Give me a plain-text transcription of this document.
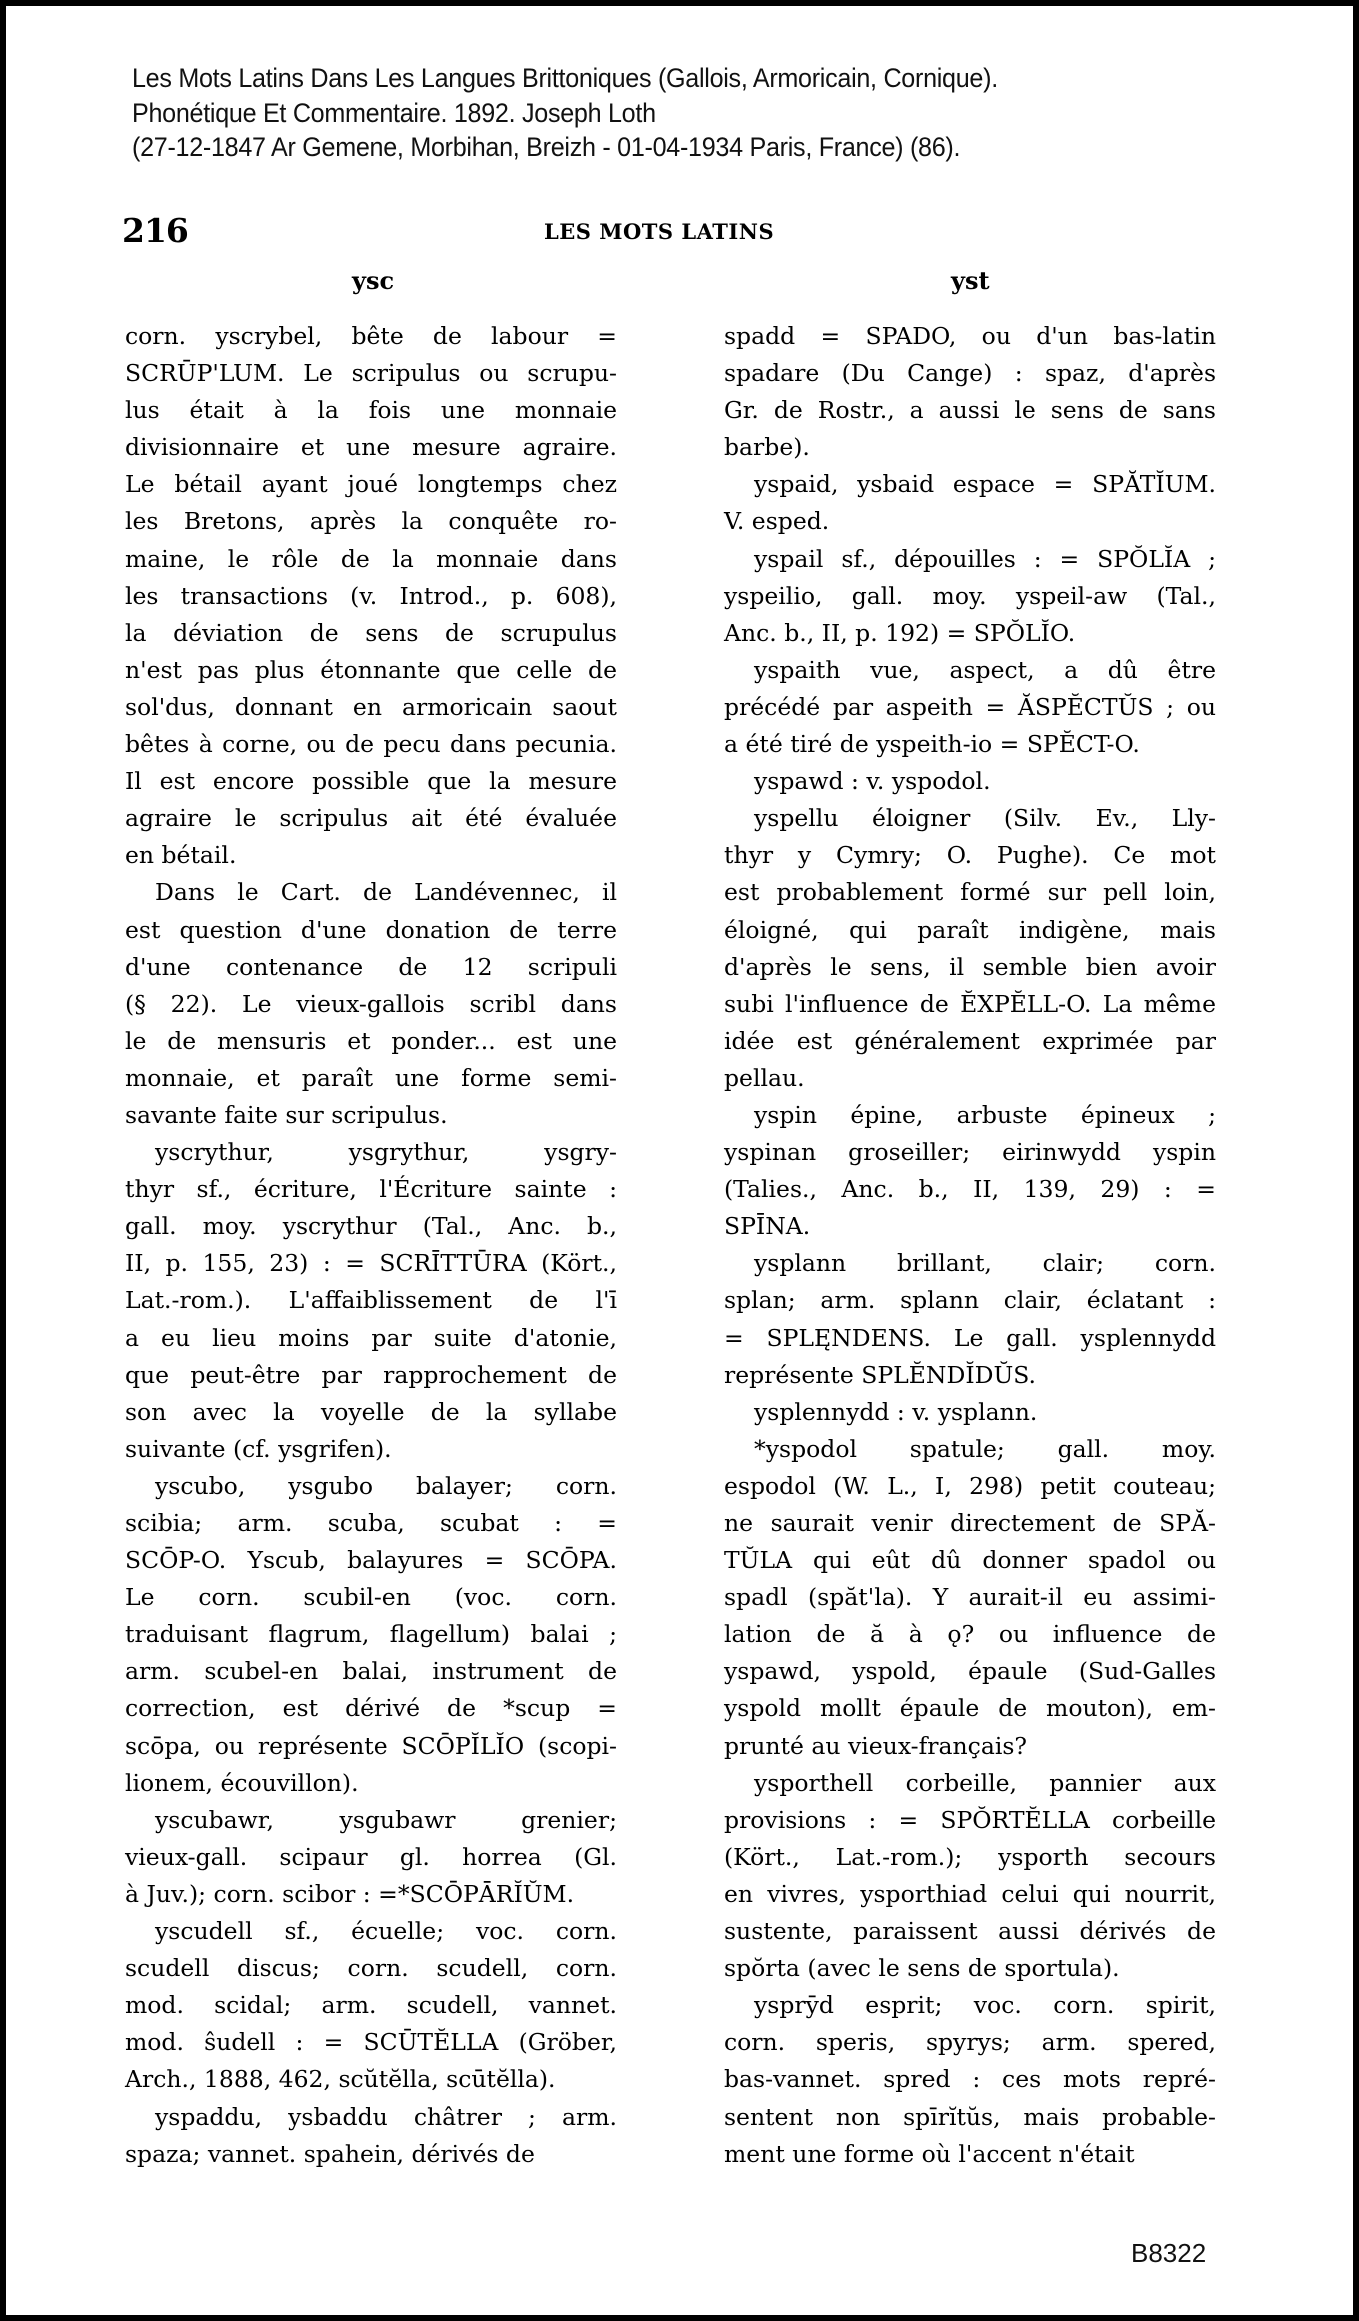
Les Mots Latins Dans Les Langues Brittoniques (Gallois, Armoricain, Cornique).
Phonétique Et Commentaire. 1892. Joseph Loth
(27-12-1847 Ar Gemene, Morbihan, Breizh - 01-04-1934 Paris, France) (86).
216	LES MOTS LATINS
ysc	yst
corn. yscrybel, bête de labour =
SCRŪP'LUM. Le scripulus ou scrupu-
lus était à la fois une monnaie
divisionnaire et une mesure agraire.
Le bétail ayant joué longtemps chez
les Bretons, après la conquête ro-
maine, le rôle de la monnaie dans
les transactions (v. Introd., p. 608),
la déviation de sens de scrupulus
n'est pas plus étonnante que celle de
sol'dus, donnant en armoricain saout
bêtes à corne, ou de pecu dans pecunia.
Il est encore possible que la mesure
agraire le scripulus ait été évaluée
en bétail.
Dans le Cart. de Landévennec, il
est question d'une donation de terre
d'une contenance de 12 scripuli
(§ 22). Le vieux-gallois scribl dans
le de mensuris et ponder... est une
monnaie, et paraît une forme semi-
savante faite sur scripulus.
yscrythur, ysgrythur, ysgry-
thyr sf., écriture, l'Écriture sainte :
gall. moy. yscrythur (Tal., Anc. b.,
II, p. 155, 23) : = SCRĪTTŪRA (Kört.,
Lat.-rom.). L'affaiblissement de l'ī
a eu lieu moins par suite d'atonie,
que peut-être par rapprochement de
son avec la voyelle de la syllabe
suivante (cf. ysgrifen).
yscubo, ysgubo balayer; corn.
scibia; arm. scuba, scubat : =
SCŌP-O. Yscub, balayures = SCŌPA.
Le corn. scubil-en (voc. corn.
traduisant flagrum, flagellum) balai ;
arm. scubel-en balai, instrument de
correction, est dérivé de *scup =
scōpa, ou représente SCŌPĬLĬO (scopi-
lionem, écouvillon).
yscubawr, ysgubawr grenier;
vieux-gall. scipaur gl. horrea (Gl.
à Juv.); corn. scibor : =*SCŌPĀRĬŬM.
yscudell sf., écuelle; voc. corn.
scudell discus; corn. scudell, corn.
mod. scidal; arm. scudell, vannet.
mod. ŝudell : = SCŪTĔLLA (Gröber,
Arch., 1888, 462, scŭtĕlla, scūtĕlla).
yspaddu, ysbaddu châtrer ; arm.
spaza; vannet. spahein, dérivés de
spadd = SPADO, ou d'un bas-latin
spadare (Du Cange) : spaz, d'après
Gr. de Rostr., a aussi le sens de sans
barbe).
yspaid, ysbaid espace = SPĂTĬUM.
V. esped.
yspail sf., dépouilles : = SPŎLĬA ;
yspeilio, gall. moy. yspeil-aw (Tal.,
Anc. b., II, p. 192) = SPŎLĬO.
yspaith vue, aspect, a dû être
précédé par aspeith = ĂSPĔCTŬS ; ou
a été tiré de yspeith-io = SPĔCT-O.
yspawd : v. yspodol.
yspellu éloigner (Silv. Ev., Lly-
thyr y Cymry; O. Pughe). Ce mot
est probablement formé sur pell loin,
éloigné, qui paraît indigène, mais
d'après le sens, il semble bien avoir
subi l'influence de ĔXPĔLL-O. La même
idée est généralement exprimée par
pellau.
yspin épine, arbuste épineux ;
yspinan groseiller; eirinwydd yspin
(Talies., Anc. b., II, 139, 29) : =
SPĪNA.
ysplann brillant, clair; corn.
splan; arm. splann clair, éclatant :
= SPLĘNDENS. Le gall. ysplennydd
représente SPLĔNDĬDŬS.
ysplennydd : v. ysplann.
*yspodol spatule; gall. moy.
espodol (W. L., I, 298) petit couteau;
ne saurait venir directement de SPĂ-
TŬLA qui eût dû donner spadol ou
spadl (spăt'la). Y aurait-il eu assimi-
lation de ă à ǫ? ou influence de
yspawd, yspold, épaule (Sud-Galles
yspold mollt épaule de mouton), em-
prunté au vieux-français?
ysporthell corbeille, pannier aux
provisions : = SPŎRTĔLLA corbeille
(Kört., Lat.-rom.); ysporth secours
en vivres, ysporthiad celui qui nourrit,
sustente, paraissent aussi dérivés de
spŏrta (avec le sens de sportula).
ysprȳd esprit; voc. corn. spirit,
corn. speris, spyrys; arm. spered,
bas-vannet. spred : ces mots repré-
sentent non spīrĭtŭs, mais probable-
ment une forme où l'accent n'était
B8322
